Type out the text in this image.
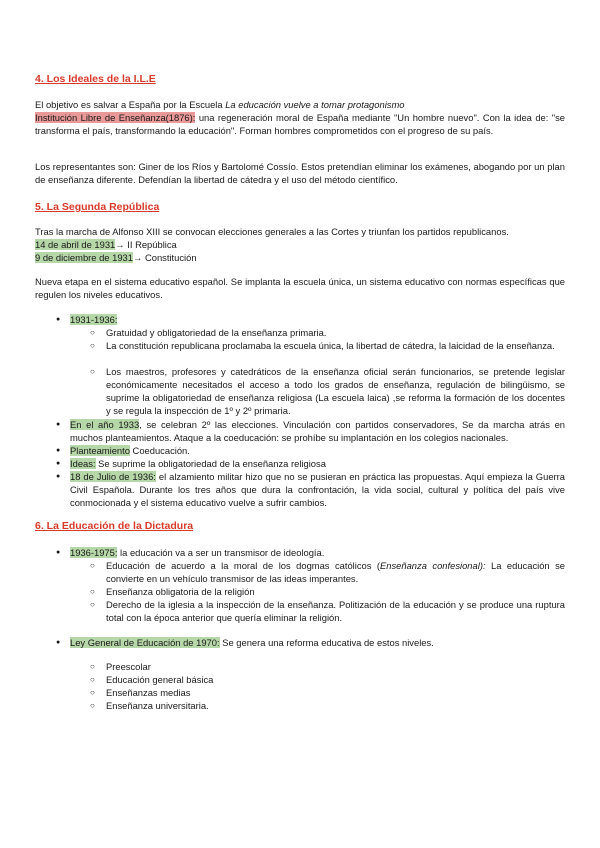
4. Los Ideales de la I.L.E
El objetivo es salvar a España por la Escuela La educación vuelve a tomar protagonismo
Institución Libre de Enseñanza(1876): una regeneración moral de España mediante "Un hombre nuevo". Con la idea de: "se transforma el país, transformando la educación". Forman hombres comprometidos con el progreso de su país.
Los representantes son: Giner de los Ríos y Bartolomé Cossío. Estos pretendían eliminar los exámenes, abogando por un plan de enseñanza diferente. Defendían la libertad de cátedra y el uso del método científico.
5. La Segunda República
Tras la marcha de Alfonso XIII se convocan elecciones generales a las Cortes y triunfan los partidos republicanos.
14 de abril de 1931→ II República
9 de diciembre de 1931→ Constitución
Nueva etapa en el sistema educativo español. Se implanta la escuela única, un sistema educativo con normas específicas que regulen los niveles educativos.
● 1931-1936:
○ Gratuidad y obligatoriedad de la enseñanza primaria.
○ La constitución republicana proclamaba la escuela única, la libertad de cátedra, la laicidad de la enseñanza.
○ Los maestros, profesores y catedráticos de la enseñanza oficial serán funcionarios, se pretende legislar económicamente necesitados el acceso a todo los grados de enseñanza, regulación de bilingüismo, se suprime la obligatoriedad de enseñanza religiosa (La escuela laica) ,se reforma la formación de los docentes y se regula la inspección de 1º y 2º primaria.
● En el año 1933, se celebran 2º las elecciones. Vinculación con partidos conservadores, Se da marcha atrás en muchos planteamientos. Ataque a la coeducación: se prohíbe su implantación en los colegios nacionales.
● Planteamiento Coeducación.
● Ideas: Se suprime la obligatoriedad de la enseñanza religiosa
● 18 de Julio de 1936: el alzamiento militar hizo que no se pusieran en práctica las propuestas. Aquí empieza la Guerra Civil Española. Durante los tres años que dura la confrontación, la vida social, cultural y política del país vive conmocionada y el sistema educativo vuelve a sufrir cambios.
6. La Educación de la Dictadura
● 1936-1975: la educación va a ser un transmisor de ideología.
○ Educación de acuerdo a la moral de los dogmas católicos (Enseñanza confesional): La educación se convierte en un vehículo transmisor de las ideas imperantes.
○ Enseñanza obligatoria de la religión
○ Derecho de la iglesia a la inspección de la enseñanza. Politización de la educación y se produce una ruptura total con la época anterior que quería eliminar la religión.
● Ley General de Educación de 1970: Se genera una reforma educativa de estos niveles.
○ Preescolar
○ Educación general básica
○ Enseñanzas medias
○ Enseñanza universitaria.
